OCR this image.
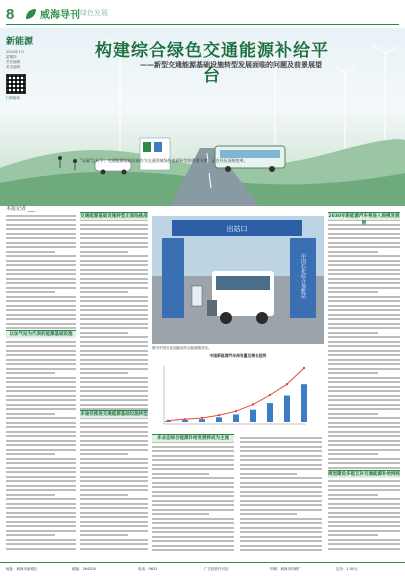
8	威海导刊 绿色发展
构建综合绿色交通能源补给平台
——新型交通能源基础设施转型发展面临的问题及前景展望
新能源
2024年1月
星期四
责任编辑
美术编辑
扫码阅读
"双碳"目标下，交通能源基础设施作为交通领域绿色低碳转型的重要支撑，正在经历深刻变革。
本报记者 ___
以加气站为代表的能源基础设施
交通能源基础设施转型正面临挑战
多途径推进交通能源基础设施转型
多业态综合能源补给发展将成为主流
2030年新能源汽车将进入规模发展期
规划建设多能互补交通能源补给网络
出站口
中国石化综合加能站
图为中国石化加能站综合能源服务站。
中国新能源汽车保有量及增长趋势
地址：威海市新城区	邮编：264200	电话：0631	广告经营许可证	印刷：威海市印刷厂	定价：1.50元
